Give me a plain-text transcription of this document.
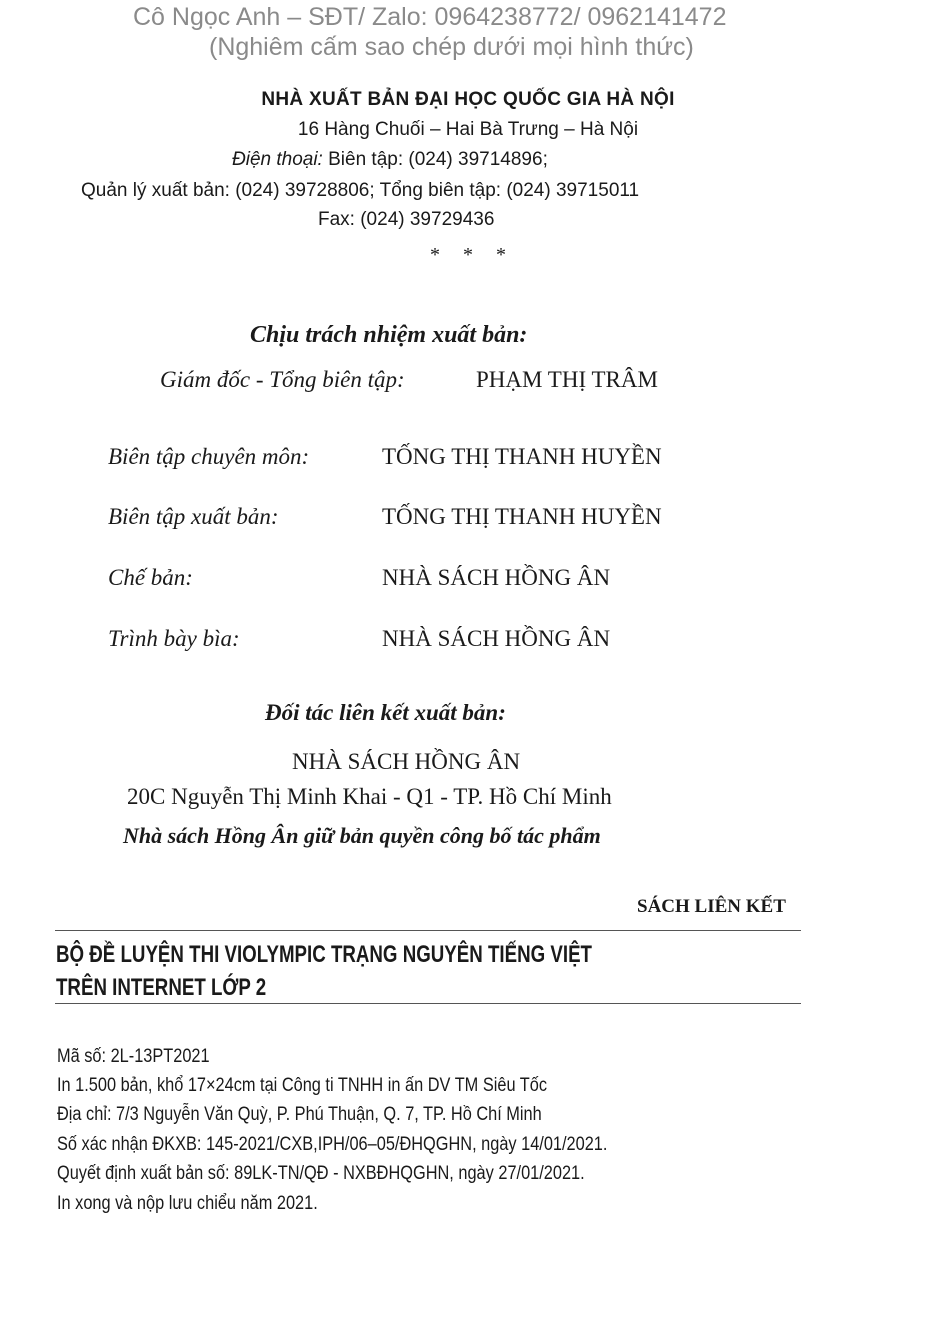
Cô Ngọc Anh – SĐT/ Zalo: 0964238772/ 0962141472
(Nghiêm cấm sao chép dưới mọi hình thức)
NHÀ XUẤT BẢN ĐẠI HỌC QUỐC GIA HÀ NỘI
16 Hàng Chuối – Hai Bà Trưng – Hà Nội
Điện thoại: Biên tập: (024) 39714896;
Quản lý xuất bản: (024) 39728806; Tổng biên tập: (024) 39715011
Fax: (024) 39729436
* * *
Chịu trách nhiệm xuất bản:
Giám đốc - Tổng biên tập:	PHẠM THỊ TRÂM
Biên tập chuyên môn:	TỐNG THỊ THANH HUYỀN
Biên tập xuất bản:	TỐNG THỊ THANH HUYỀN
Chế bản:	NHÀ SÁCH HỒNG ÂN
Trình bày bìa:	NHÀ SÁCH HỒNG ÂN
Đối tác liên kết xuất bản:
NHÀ SÁCH HỒNG ÂN
20C Nguyễn Thị Minh Khai - Q1 - TP. Hồ Chí Minh
Nhà sách Hồng Ân giữ bản quyền công bố tác phẩm
SÁCH LIÊN KẾT
BỘ ĐỀ LUYỆN THI VIOLYMPIC TRẠNG NGUYÊN TIẾNG VIỆT
TRÊN INTERNET LỚP 2
Mã số: 2L-13PT2021
In 1.500 bản, khổ 17×24cm tại Công ti TNHH in ấn DV TM Siêu Tốc
Địa chỉ: 7/3 Nguyễn Văn Quỳ, P. Phú Thuận, Q. 7, TP. Hồ Chí Minh
Số xác nhận ĐKXB: 145-2021/CXB,IPH/06–05/ĐHQGHN, ngày 14/01/2021.
Quyết định xuất bản số: 89LK-TN/QĐ - NXBĐHQGHN, ngày 27/01/2021.
In xong và nộp lưu chiểu năm 2021.
